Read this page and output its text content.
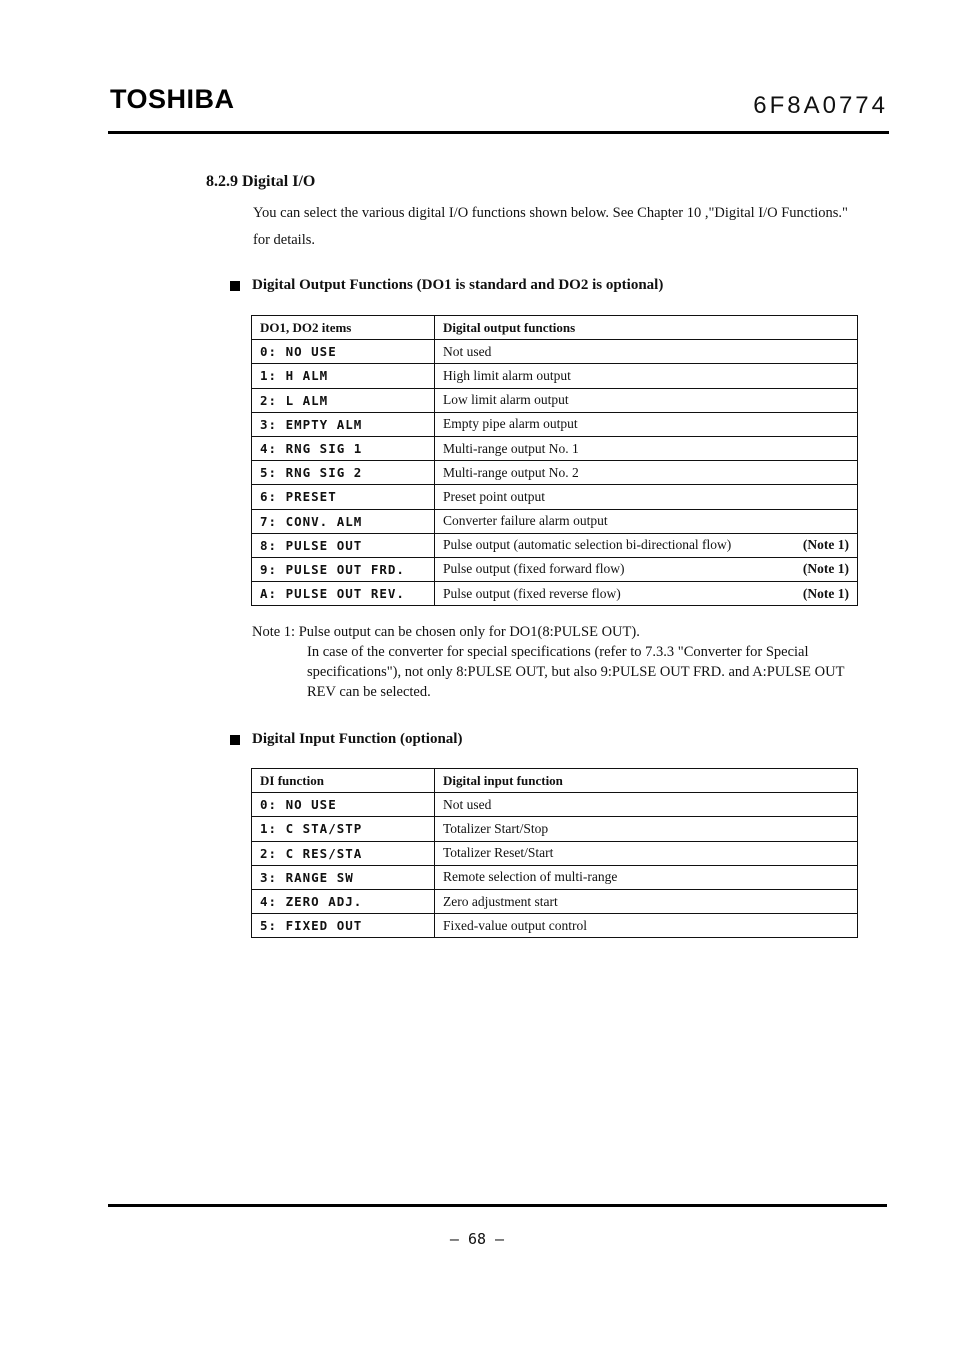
TOSHIBA	6F8A0774
8.2.9 Digital I/O
You can select the various digital I/O functions shown below. See Chapter 10 ,"Digital I/O Functions." for details.
Digital Output Functions (DO1 is standard and DO2 is optional)
DO1, DO2 items	Digital output functions
0: NO USE	Not used

1: H ALM	High limit alarm output

2: L ALM	Low limit alarm output

3: EMPTY ALM	Empty pipe alarm output

4: RNG SIG 1	Multi-range output No. 1

5: RNG SIG 2	Multi-range output No. 2

6: PRESET	Preset point output

7: CONV. ALM	Converter failure alarm output

8: PULSE OUT	Pulse output (automatic selection bi-directional flow) (Note 1)

9: PULSE OUT FRD.	Pulse output (fixed forward flow) (Note 1)

A: PULSE OUT REV.	Pulse output (fixed reverse flow) (Note 1)
Note 1: Pulse output can be chosen only for DO1(8:PULSE OUT).
In case of the converter for special specifications (refer to 7.3.3 "Converter for Special specifications"), not only 8:PULSE OUT, but also 9:PULSE OUT FRD. and A:PULSE OUT REV can be selected.
Digital Input Function (optional)
DI function	Digital input function
0: NO USE	Not used

1: C STA/STP	Totalizer Start/Stop

2: C RES/STA	Totalizer Reset/Start

3: RANGE SW	Remote selection of multi-range

4: ZERO ADJ.	Zero adjustment start

5: FIXED OUT	Fixed-value output control
— 68 —
